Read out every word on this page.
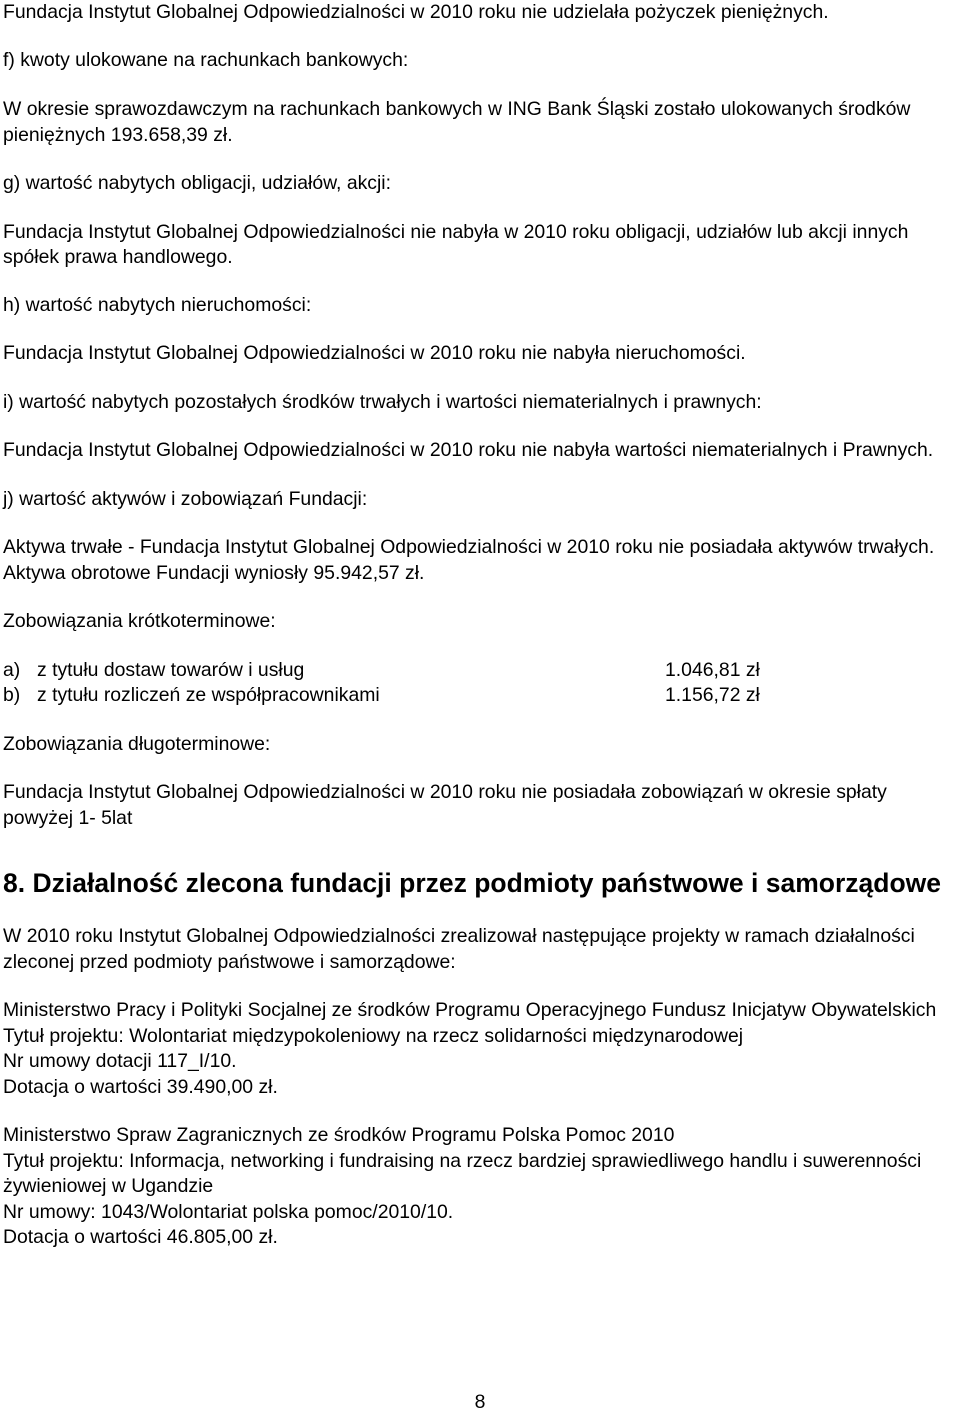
Fundacja Instytut Globalnej Odpowiedzialności w 2010 roku nie udzielała pożyczek pieniężnych.

f) kwoty ulokowane na rachunkach bankowych:

W okresie sprawozdawczym na rachunkach bankowych w ING Bank Śląski zostało ulokowanych środków pieniężnych 193.658,39 zł.

g) wartość nabytych obligacji, udziałów, akcji:

Fundacja Instytut Globalnej Odpowiedzialności nie nabyła w 2010 roku obligacji, udziałów lub akcji innych spółek prawa handlowego.

h) wartość nabytych nieruchomości:

Fundacja Instytut Globalnej Odpowiedzialności w 2010 roku nie nabyła nieruchomości.

i) wartość nabytych pozostałych środków trwałych i wartości niematerialnych i prawnych:

Fundacja Instytut Globalnej Odpowiedzialności w 2010 roku nie nabyła wartości niematerialnych i Prawnych.

j) wartość aktywów i zobowiązań Fundacji:

Aktywa trwałe - Fundacja Instytut Globalnej Odpowiedzialności w 2010 roku nie posiadała aktywów trwałych. Aktywa obrotowe Fundacji wyniosły 95.942,57 zł.

Zobowiązania krótkoterminowe:

a) z tytułu dostaw towarów i usług	1.046,81 zł
b) z tytułu rozliczeń ze współpracownikami	1.156,72 zł

Zobowiązania długoterminowe:

Fundacja Instytut Globalnej Odpowiedzialności w 2010 roku nie posiadała zobowiązań w okresie spłaty powyżej 1- 5lat

8. Działalność zlecona fundacji przez podmioty państwowe i samorządowe

W 2010 roku Instytut Globalnej Odpowiedzialności zrealizował następujące projekty w ramach działalności zleconej przed podmioty państwowe i samorządowe:

Ministerstwo Pracy i Polityki Socjalnej ze środków Programu Operacyjnego Fundusz Inicjatyw Obywatelskich

Tytuł projektu: Wolontariat międzypokoleniowy na rzecz solidarności międzynarodowej

Nr umowy dotacji 117_I/10.

Dotacja o wartości 39.490,00 zł.

Ministerstwo Spraw Zagranicznych ze środków Programu Polska Pomoc 2010

Tytuł projektu: Informacja, networking i fundraising na rzecz bardziej sprawiedliwego handlu i suwerenności żywieniowej w Ugandzie

Nr umowy: 1043/Wolontariat polska pomoc/2010/10.

Dotacja o wartości 46.805,00 zł.

8
